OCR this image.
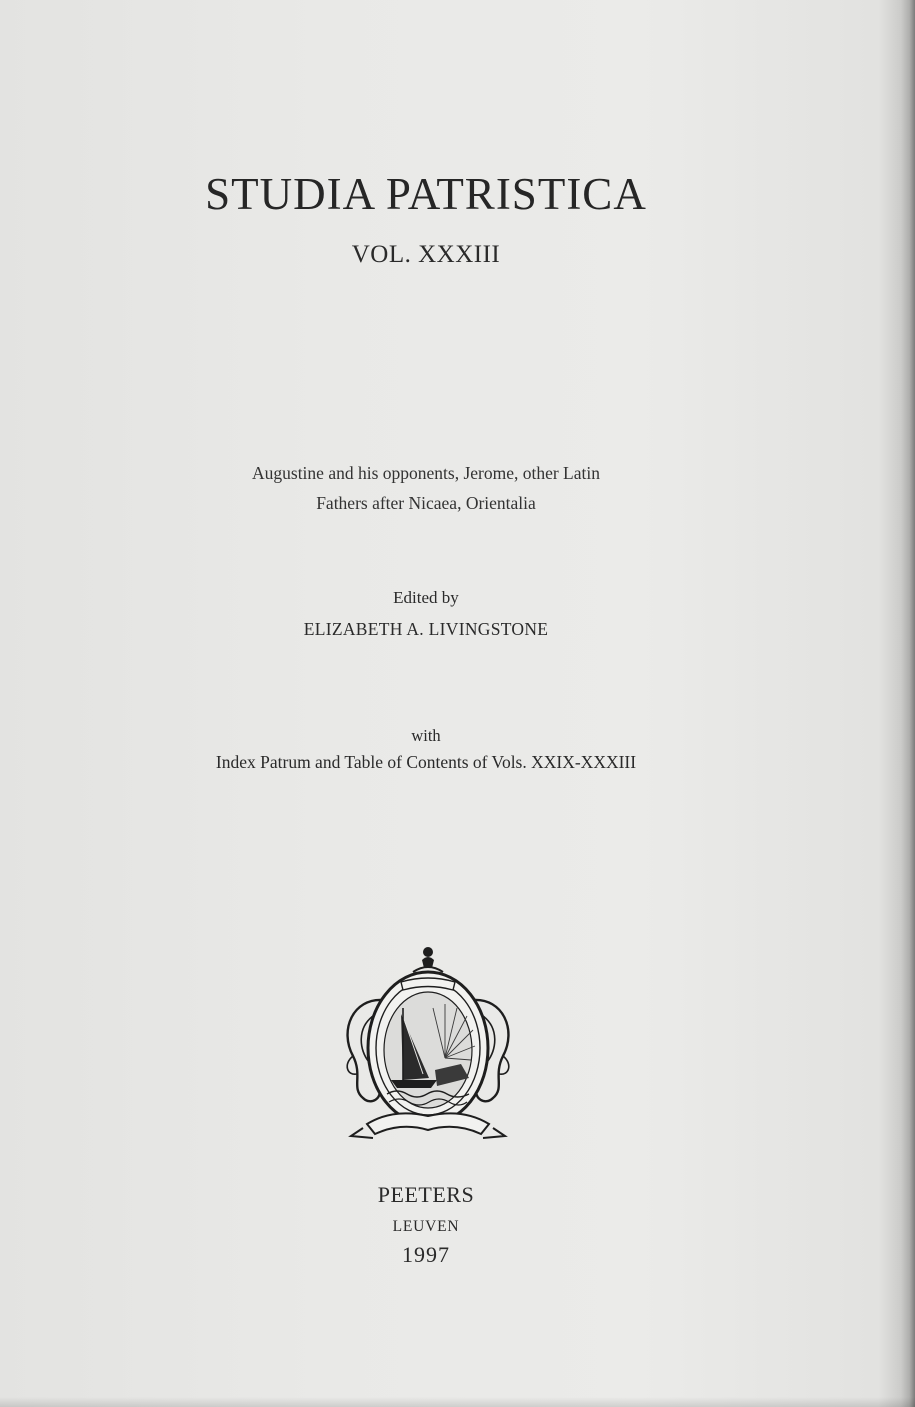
STUDIA PATRISTICA
VOL. XXXIII
Augustine and his opponents, Jerome, other Latin
Fathers after Nicaea, Orientalia
Edited by
ELIZABETH A. LIVINGSTONE
with
Index Patrum and Table of Contents of Vols. XXIX-XXXIII
PEETERS
LEUVEN
1997
